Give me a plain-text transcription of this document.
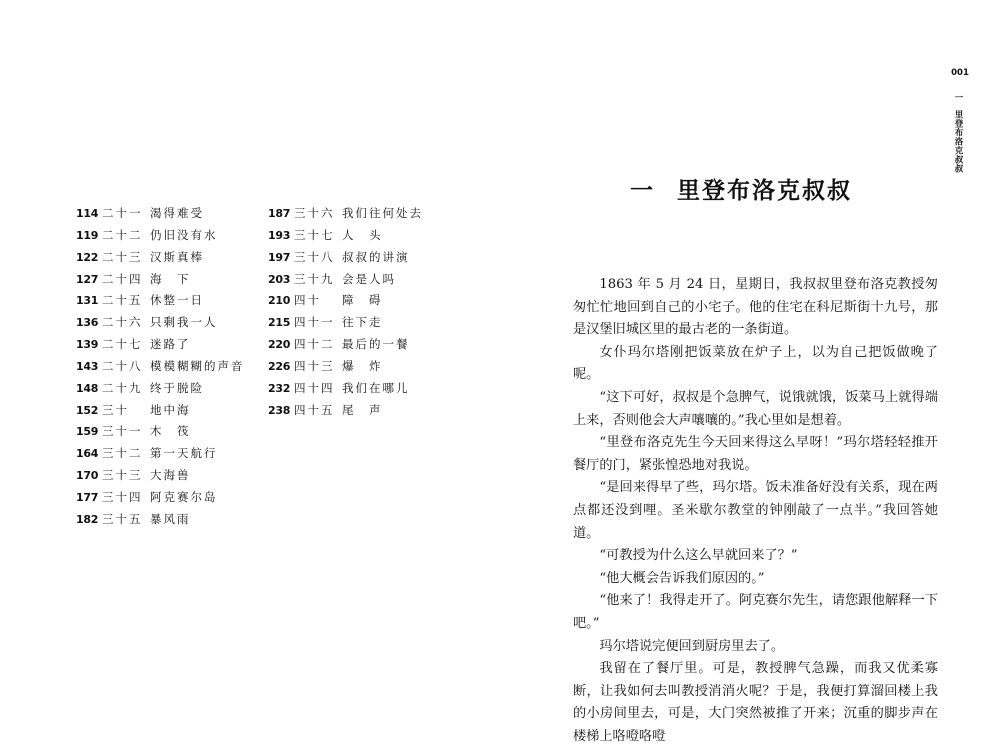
114 二十一 渴得难受
119 二十二 仍旧没有水
122 二十三 汉斯真棒
127 二十四 海　下
131 二十五 休整一日
136 二十六 只剩我一人
139 二十七 迷路了
143 二十八 模模糊糊的声音
148 二十九 终于脱险
152 三十	地中海
159 三十一 木　筏
164 三十二 第一天航行
170 三十三 大海兽
177 三十四 阿克赛尔岛
182 三十五 暴风雨
187 三十六 我们往何处去
193 三十七 人　头
197 三十八 叔叔的讲演
203 三十九 会是人吗
210 四十	障　碍
215 四十一 往下走
220 四十二 最后的一餐
226 四十三 爆　炸
232 四十四 我们在哪儿
238 四十五 尾　声
一 里登布洛克叔叔

1863 年 5 月 24 日，星期日，我叔叔里登布洛克教授匆匆忙忙地回到自己的小宅子。他的住宅在科尼斯街十九号，那是汉堡旧城区里的最古老的一条街道。

女仆玛尔塔刚把饭菜放在炉子上，以为自己把饭做晚了呢。

“这下可好，叔叔是个急脾气，说饿就饿，饭菜马上就得端上来，否则他会大声嚷嚷的。”我心里如是想着。

“里登布洛克先生今天回来得这么早呀！”玛尔塔轻轻推开餐厅的门，紧张惶恐地对我说。

“是回来得早了些，玛尔塔。饭未准备好没有关系，现在两点都还没到哩。圣米歇尔教堂的钟刚敲了一点半。”我回答她道。

“可教授为什么这么早就回来了？”

“他大概会告诉我们原因的。”

“他来了！我得走开了。阿克赛尔先生，请您跟他解释一下吧。”

玛尔塔说完便回到厨房里去了。

我留在了餐厅里。可是，教授脾气急躁，而我又优柔寡断，让我如何去叫教授消消火呢？于是，我便打算溜回楼上我的小房间里去，可是，大门突然被推了开来；沉重的脚步声在楼梯上咯噔咯噔

001
一里登布洛克叔叔
